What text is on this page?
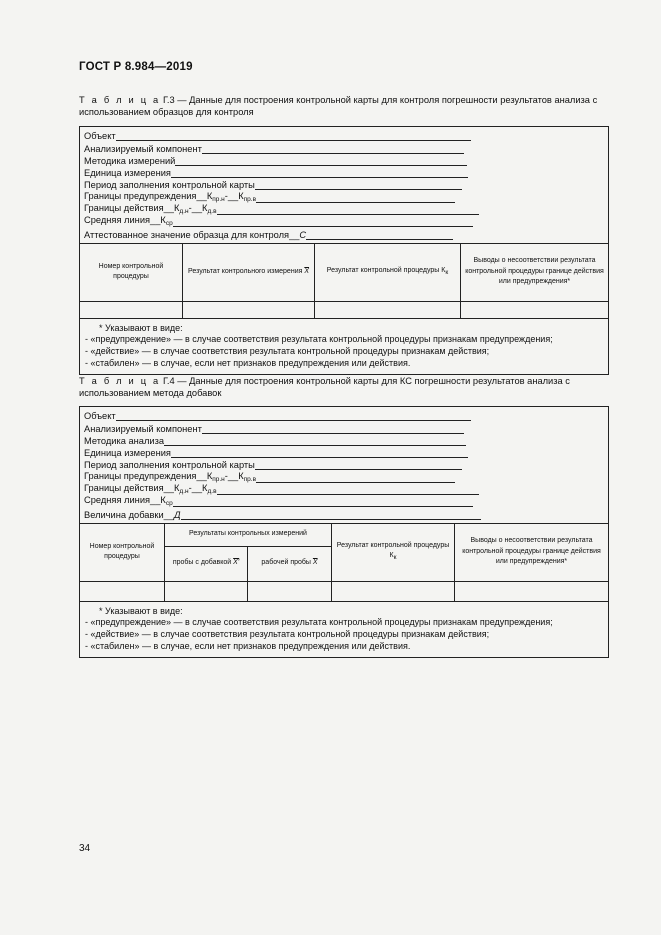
ГОСТ Р 8.984—2019
Т а б л и ц а Г.3 — Данные для построения контрольной карты для контроля погрешности результатов анализа с использованием образцов для контроля
Объект
Анализируемый компонент
Методика измерений
Единица измерения
Период заполнения контрольной карты
Границы $предупреждения\_\_К_{пр.н}-\_\_К_{пр.в}$
Границы $действия\_\_К_{д.н}-\_\_К_{д.в}$
Средняя $линия\_\_К_{ср}$
Аттестованное значение образца для контроля__С
Номер контрольной процедуры
Результат контрольного измерения $\overline{X}$	Результат контрольной процедуры Кк
Выводы о несоответствии результата контрольной процедуры границе действия или предупреждения*
* Указывают в виде:
- «предупреждение» — в случае соответствия результата контрольной процедуры признакам предупреждения;
- «действие» — в случае соответствия результата контрольной процедуры признакам действия;
- «стабилен» — в случае, если нет признаков предупреждения или действия.
Т а б л и ц а Г.4 — Данные для построения контрольной карты для КС погрешности результатов анализа с использованием метода добавок
Объект
Анализируемый компонент
Методика анализа
Единица измерения
Период заполнения контрольной карты
Границы $предупреждения\_\_К_{пр.н}-\_\_К_{пр.в}$
Границы $действия\_\_К_{д.н}-\_\_К_{д.в}$
Средняя $линия\_\_К_{ср}$
Величина добавки__Д
Номер контрольной процедуры
Результаты контрольных измерений
Результат контрольной процедуры Кк
Выводы о несоответствии результата контрольной процедуры границе действия или предупреждения*
пробы с добавкой X'	рабочей пробы $\overline{X}$
* Указывают в виде:
- «предупреждение» — в случае соответствия результата контрольной процедуры признакам предупреждения;
- «действие» — в случае соответствия результата контрольной процедуры признакам действия;
- «стабилен» — в случае, если нет признаков предупреждения или действия.
34
